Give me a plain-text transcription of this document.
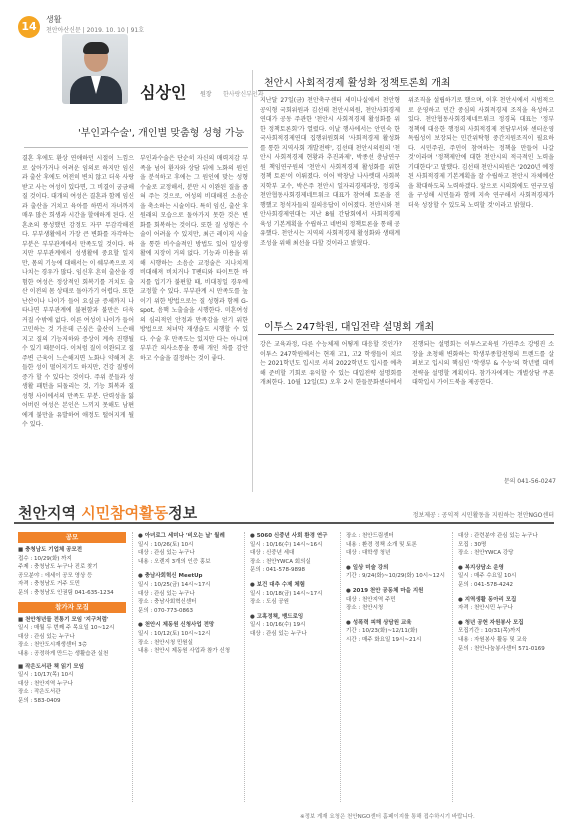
14
생활
천안아산신문 | 2019. 10. 10 | 91호
심상인 원장 한사랑신부인과
'부인과수술', 개인별 맞춤형 성형 가능
결혼 후에도 환상 연애하던 시절이 느낌으로 살아가거나 어려운 임의로 하지만 임신과 출산 후에도 여전히 변치 않고 더욱 사랑 받고 사는 여성이 있다면, 그 비결이 궁금해 질 것이다. 대개의 여성은 결혼과 함께 임신과 출산을 거치고 육아를 하면서 자녀까지 매우 많은 희생과 시간을 할애하게 된다. 신혼초의 풍성했던 감정도 자꾸 무감각해진다. 부부생활에서 가장 큰 변화를 자각하는 부분은 부부관계에서 만족도일 것이다. 하지만 부부관계에서 성생활에 중요할 일지만, 몸의 기능에 대해서는 이 쉐부족으로 지나치는 경우가 많다. 임신후 흔히 출산을 경험한 여성은 정상적인 회복기를 거치도 출산 이전의 몸 상태로 돌아가기 어렵다. 또한 난산이나 나이가 들어 요실금 증세까지 나타나면 부부관계에 불편함과 불만은 더욱 커질 수밖에 없다. 이른 여성이 나이가 들어 고민하는 것 가운데 근심은 출산이 느슨해지고 질의 기능저하와 증상이 계속 진행될 수 있기 때문이다. 이처럼 질이 이완되고 질 주변 근육이 느슨해지면 노화나 약해져 흔들한 성이 떨어지기도 하지만, 건강 질병이 증가 할 수 있다는 것이다. 주위 분들과 성생활 패턴을 되돌리는 것, 기능 회복과 질 성형 사이에서의 만족도 부분. 단력성을 잃어버린 여성은 본인은 느끼지 못해도 남편에게 불만을 유발하여 애정도 떨어지게 될 수 있다.
부인과수술은 단순히 자신의 매력지감 부족을 넘어 환자와 상담 뒤에 노화의 원인을 분석하고 후에는 그 원인에 맞는 성형 수술로 교정해서, 분만 시 이완된 질을 좁혀 주는 것으로, 여성의 비대해진 소음순을 축소하는 시술이다. 특히 임신, 출산 후 원래의 모습으로 돌아가지 못한 것은 변화를 회복하는 것이다. 또한 질 성형은 수술이 어려울 수 있지만, 최근 레이저 시술을 통한 비수술적인 방법도 있어 일상생활에 지장이 거의 없다. 기능과 미용을 위해 시행하는 소음순 교정술은 지나치게 비대해져 비치거나 T팬티와 타이트한 바지를 입기가 불편할 때, 비대칭일 경우에 교정할 수 있다. 부부관계 시 만족도를 높이기 위한 방법으로는 질 성형과 함께 G-spot, 음핵 노출술을 시행한다. 미혼여성의 심리적인 안정과 만족감을 얻기 위한 방법으로 처녀막 재생술도 시행할 수 있다. 수술 후 만족도는 있지만 다는 아니며 부부간 의사소통을 통해 개인 차를 감안하고 수술을 결정하는 것이 좋다.
천안시 사회적경제 활성화 정책토론회 개최
지난달 27일(금) 천안축구센터 세미나실에서 천안형 공익형 국회위원과 김선태 천안시의원, 천안사회경제연대가 공동 주관한 '천안시 사회적경제 활성화를 위한 정책토론회'가 열렸다. 이날 행사에서는 안민숙 한국사회적경제연대 집행위원회의 '사회적경제 활성화를 통한 지역사회 개발전략', 김선태 천안시의원의 '천안시 사회적경제 현황과 추진과제', 박종선 충남연구원 책임연구원의 '천안시 사회적경제 활성화를 위한 정책 토론'이 이뤄졌다. 이어 박창남 나사렛대 사회복지학부 교수, 박은주 천안시 일자리경제과장, 정경록 천안협동사회경제네트워크 대표가 참여해 토론을 진행했고 청석자들의 질의응답이 이어졌다. 천안시와 천안사회경제연대는 지난 8월 간담회에서 사회적경제 육성 기본계획을 수립하고 네번의 정책토론을 통해 공유했다. 천안시는 지역의 사회적경제 활성화와 생태계 조성을 위해 최선을 다할 것이라고 밝혔다.
위조직을 설립하기로 했으며, 이후 천안시에서 시범적으로 운영하고 민간 중심의 사회적경제 조직을 육성하고 있다. 천안협동사회경제네트워크 정경록 대표는 '정부 정책에 대응한 행정의 사회적경제 전담부서와 센터운영 독립성이 보장되는 민간위탁형 중간지원조직이 필요하다. 시민주권, 주민이 참여하는 정책을 만들어 나갈 것'이라며 '정책제안에 대한 천안시의 적극적인 노력을 기대한다'고 말했다. 김선태 천안시의원은 '2020년 예정된 사회적경제 기본계획을 잘 수립하고 천안시 자체예산을 확대하도록 노력하겠다. 앞으로 시의회에도 연구모임을 구성해 시민들과 함께 지속 연구해서 사회적경제가 더욱 성장할 수 있도록 노력할 것'이라고 밝혔다.
이투스 247학원, 대입전략 설명회 개최
강은 교육과정, 다른 수능체제 어떻게 대응할 것인가? 이투스 247학원에서는 현재 고1, 고2 학생들이 치르는 2021학년도 입시로 서의 2022학년도 입시를 예측해 준비할 기회로 유익할 수 있는 대입전략 설명회를 개최한다. 10월 12일(토) 오후 2시 한들문화센터에서 진행되는 설명회는 이투스교육원 가연주소 강병진 소장을 초청해 변화하는 학생부종합전형의 트렌드를 살펴보고 입시의 핵심인 '학생부 & 수능'의 학년별 대비 전략을 설명할 계획이다. 참가자에게는 개별상담 쿠폰 대학입시 가이드북을 제공한다.
문의 041-56-0247
천안지역 시민참여활동정보	정보제공 : 공익적 시민활동을 지원하는 천안NGO센터
공모
■ 충청남도 기업체 공모전
접수 : 10/29(화) 까지
주제 : 충청남도 누구나 진로 찾기
공모분야 : 에세이 공모 영상 등
자격 : 충청남도 거주 도민
문의 : 충청남도 인권팀 041-635-1234
참가자 모집
■ 천안청년들 전통기 모임 '지구처럼'
일시 : 매월 두 번째 주 목요일 10~12시
대상 : 관심 있는 누구나
장소 : 천안도시재생센터 3층
내용 : 공정하게 만드는 생활습관 실천
■ 작은도서관 책 읽기 모임
일시 : 10/17(목) 10시
대상 : 천안지역 누구나
장소 : 작은도서관
문의 : 583-0409
● 아녀로그 세미나 '비오는 날' 월례
일시 : 10/26(토) 10시
대상 : 관심 있는 누구나
내용 : 오렌지 3개의 인증 홍보
● 충남사회혁신 MeetUp
일시 : 10/25(금) 14시~17시
대상 : 관심 있는 누구나
장소 : 충남사회혁신센터
문의 : 070-773-0863
● 천안시 제동원 신청사업 전망
일시 : 10/12(토) 10시~12시
장소 : 천안시청 민원실
내용 : 천안시 제동원 사업과 참가 신청
● 5060 신중년 사회 환경 연구
일시 : 10/16(수) 14시~16시
대상 : 신중년 세대
장소 : 천안YWCA 회의실
문의 : 041-578-9898
● 보건 대추 수제 체험
일시 : 10/18(금) 14시~17시
장소 : 도심 공원
● 고혹정책, 뱅드로잉
일시 : 10/16(수) 19시
대상 : 관심 있는 누구나
장소 : 천안드림센터
내용 : 환경 정책 소개 및 토론
대상 : 대학생 청년
● 일상 미술 강의
기간 : 9/24(화)~10/29(화) 10시~12시
● 2019 천안 공동체 마을 지원
대상 : 천안지역 주민
장소 : 천안시청
● 성폭력 피해 상담원 교육
기간 : 10/23(화)~12/11(화)
시간 : 매주 화요일 19시~21시
대상 : 관련분야 관심 있는 누구나
모집 : 30명
장소 : 천안YWCA 강당
● 복지상담소 운영
일시 : 매주 수요일 10시
문의 : 041-578-4242
● 지역생활 동아리 모집
자격 : 천안시민 누구나
● 청년 공헌 자원봉사 모집
모집기간 : 10/31(목)까지
내용 : 자원봉사 활동 및 교육
문의 : 천안나눔봉사센터 571-0169
※정보 게재 요청은 천안NGO센터 홈페이지를 통해 접수하시기 바랍니다.
